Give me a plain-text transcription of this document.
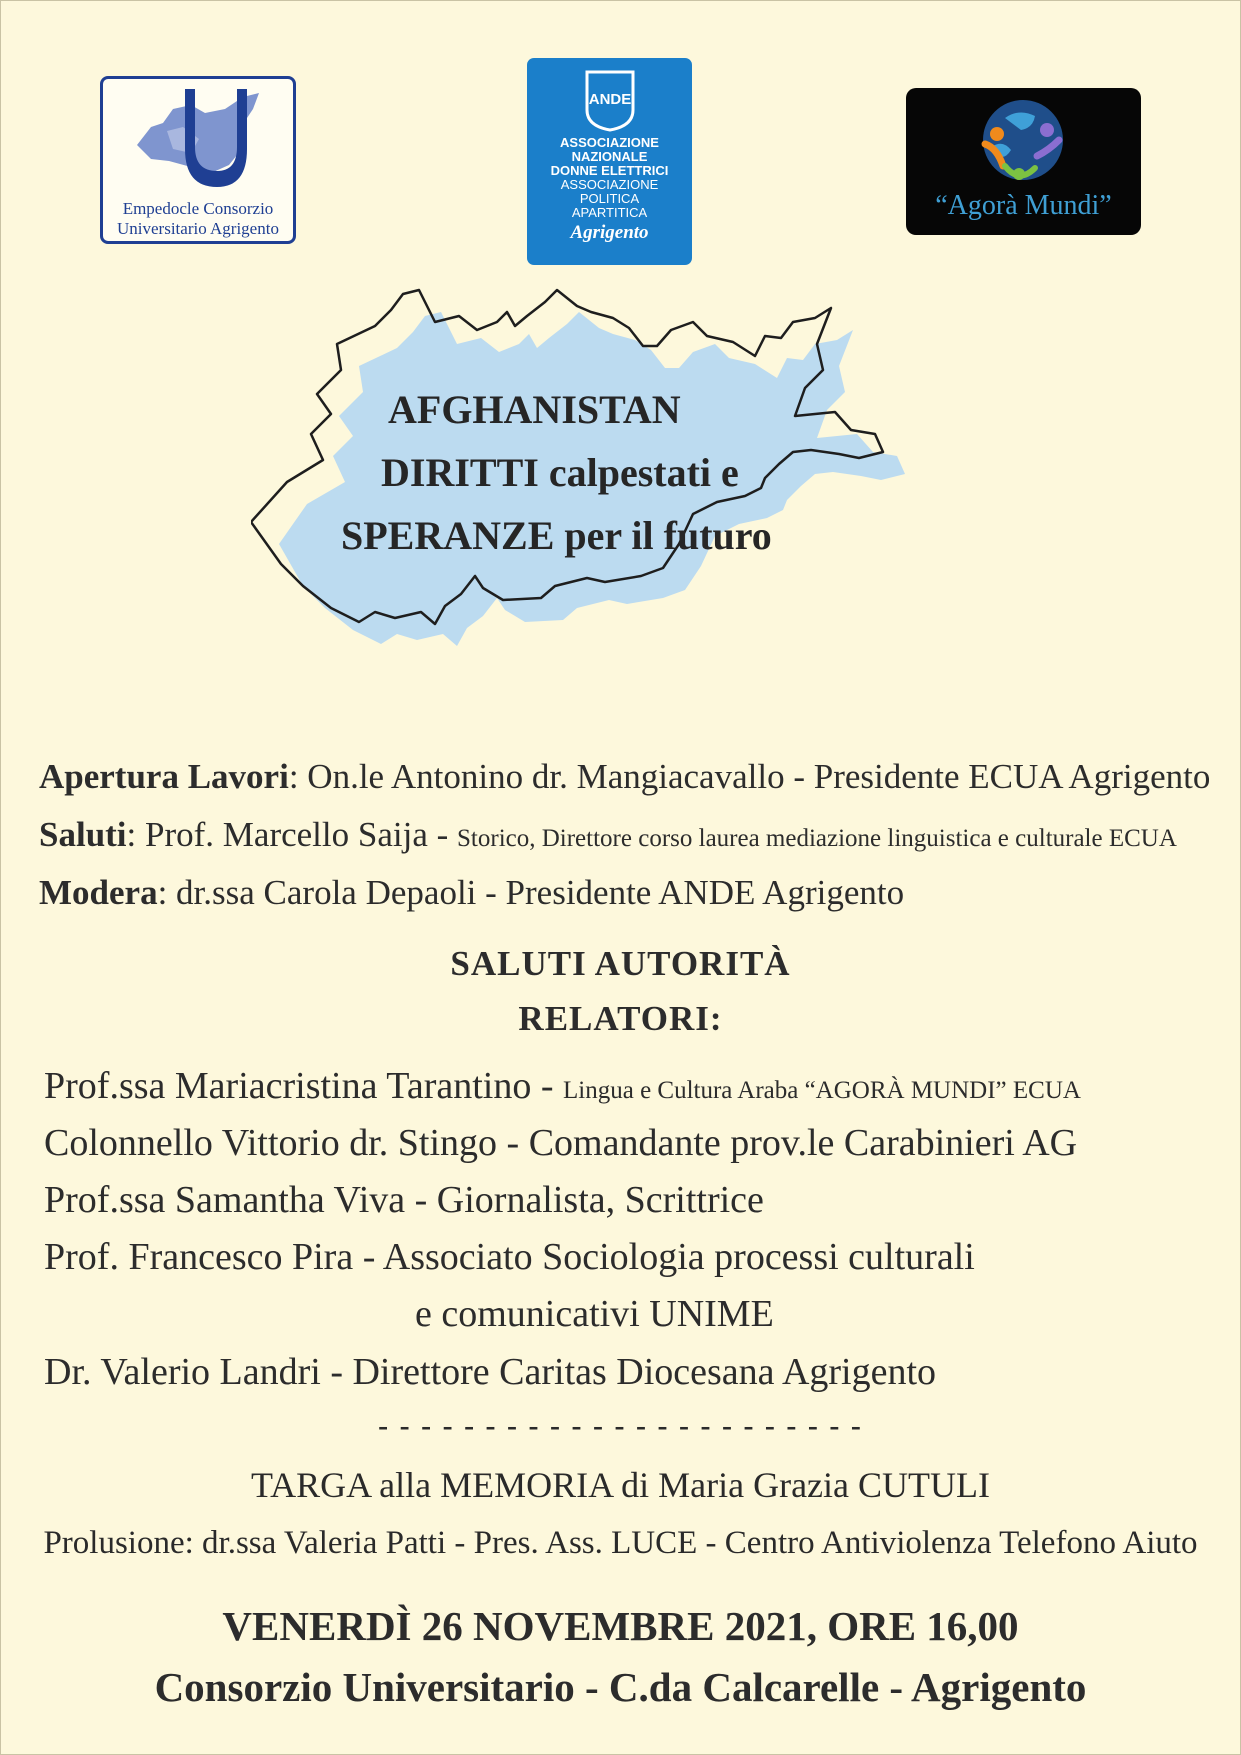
Empedocle Consorzio
Universitario Agrigento
ANDE
ASSOCIAZIONE
NAZIONALE
DONNE ELETTRICI
ASSOCIAZIONE
POLITICA
APARTITICA
Agrigento
“Agorà Mundi”
AFGHANISTAN
DIRITTI calpestati e
SPERANZE per il futuro
Apertura Lavori: On.le Antonino dr. Mangiacavallo - Presidente ECUA Agrigento
Saluti: Prof. Marcello Saija - Storico, Direttore corso laurea mediazione linguistica e culturale ECUA
Modera: dr.ssa Carola Depaoli - Presidente ANDE Agrigento
SALUTI AUTORITÀ
RELATORI:
Prof.ssa Mariacristina Tarantino - Lingua e Cultura Araba “AGORÀ MUNDI” ECUA
Colonnello Vittorio dr. Stingo - Comandante prov.le Carabinieri AG
Prof.ssa Samantha Viva - Giornalista, Scrittrice
Prof. Francesco Pira - Associato Sociologia processi culturali
e comunicativi UNIME
Dr. Valerio Landri - Direttore Caritas Diocesana Agrigento
- - - - - - - - - - - - - - - - - - - - - - -
TARGA alla MEMORIA di Maria Grazia CUTULI
Prolusione: dr.ssa Valeria Patti - Pres. Ass. LUCE - Centro Antiviolenza Telefono Aiuto
VENERDÌ 26 NOVEMBRE 2021, ORE 16,00
Consorzio Universitario - C.da Calcarelle - Agrigento
